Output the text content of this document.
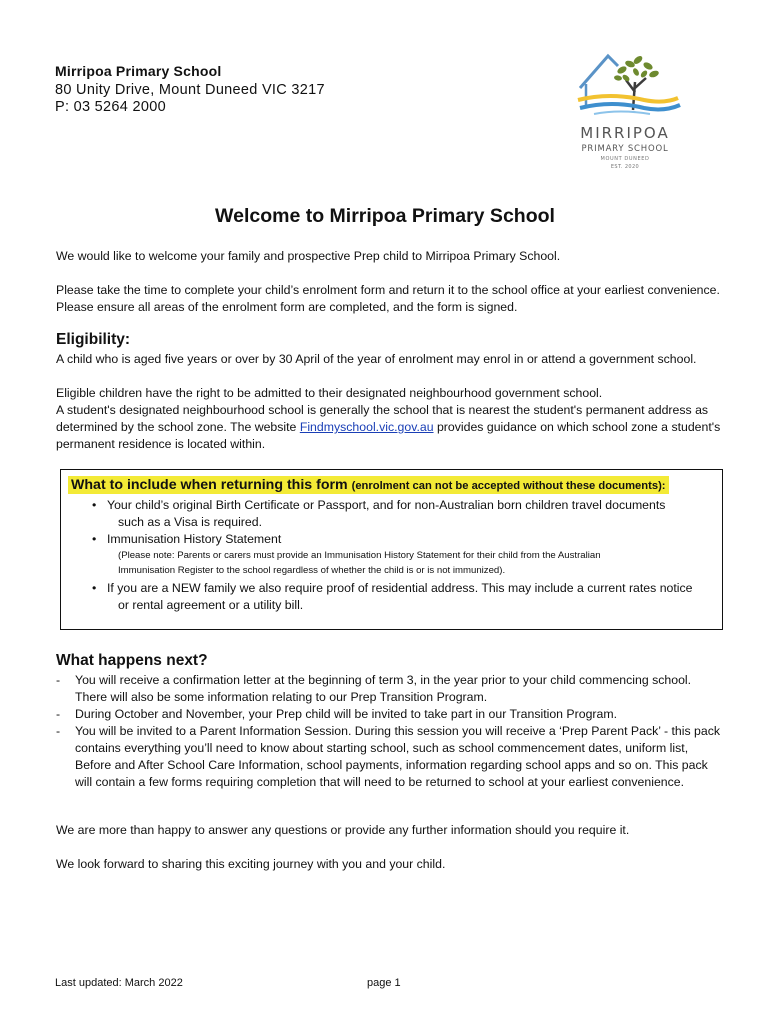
Mirripoa Primary School
80 Unity Drive, Mount Duneed VIC 3217
P: 03 5264 2000
MIRRIPOA
PRIMARY SCHOOL
MOUNT DUNEED
EST. 2020
Welcome to Mirripoa Primary School
We would like to welcome your family and prospective Prep child to Mirripoa Primary School.
Please take the time to complete your child’s enrolment form and return it to the school office at your earliest convenience. Please ensure all areas of the enrolment form are completed, and the form is signed.
Eligibility:
A child who is aged five years or over by 30 April of the year of enrolment may enrol in or attend a government school.
Eligible children have the right to be admitted to their designated neighbourhood government school.
A student's designated neighbourhood school is generally the school that is nearest the student's permanent address as determined by the school zone. The website Findmyschool.vic.gov.au provides guidance on which school zone a student's permanent residence is located within.
What to include when returning this form (enrolment can not be accepted without these documents):
• Your child’s original Birth Certificate or Passport, and for non-Australian born children travel documents
such as a Visa is required.
• Immunisation History Statement
(Please note: Parents or carers must provide an Immunisation History Statement for their child from the Australian
Immunisation Register to the school regardless of whether the child is or is not immunized).
• If you are a NEW family we also require proof of residential address. This may include a current rates notice
or rental agreement or a utility bill.
What happens next?
- You will receive a confirmation letter at the beginning of term 3, in the year prior to your child commencing school. There will also be some information relating to our Prep Transition Program.
- During October and November, your Prep child will be invited to take part in our Transition Program.
- You will be invited to a Parent Information Session. During this session you will receive a ‘Prep Parent Pack’ - this pack contains everything you’ll need to know about starting school, such as school commencement dates, uniform list, Before and After School Care Information, school payments, information regarding school apps and so on. This pack will contain a few forms requiring completion that will need to be returned to school at your earliest convenience.
We are more than happy to answer any questions or provide any further information should you require it.
We look forward to sharing this exciting journey with you and your child.
Last updated: March 2022	page 1
